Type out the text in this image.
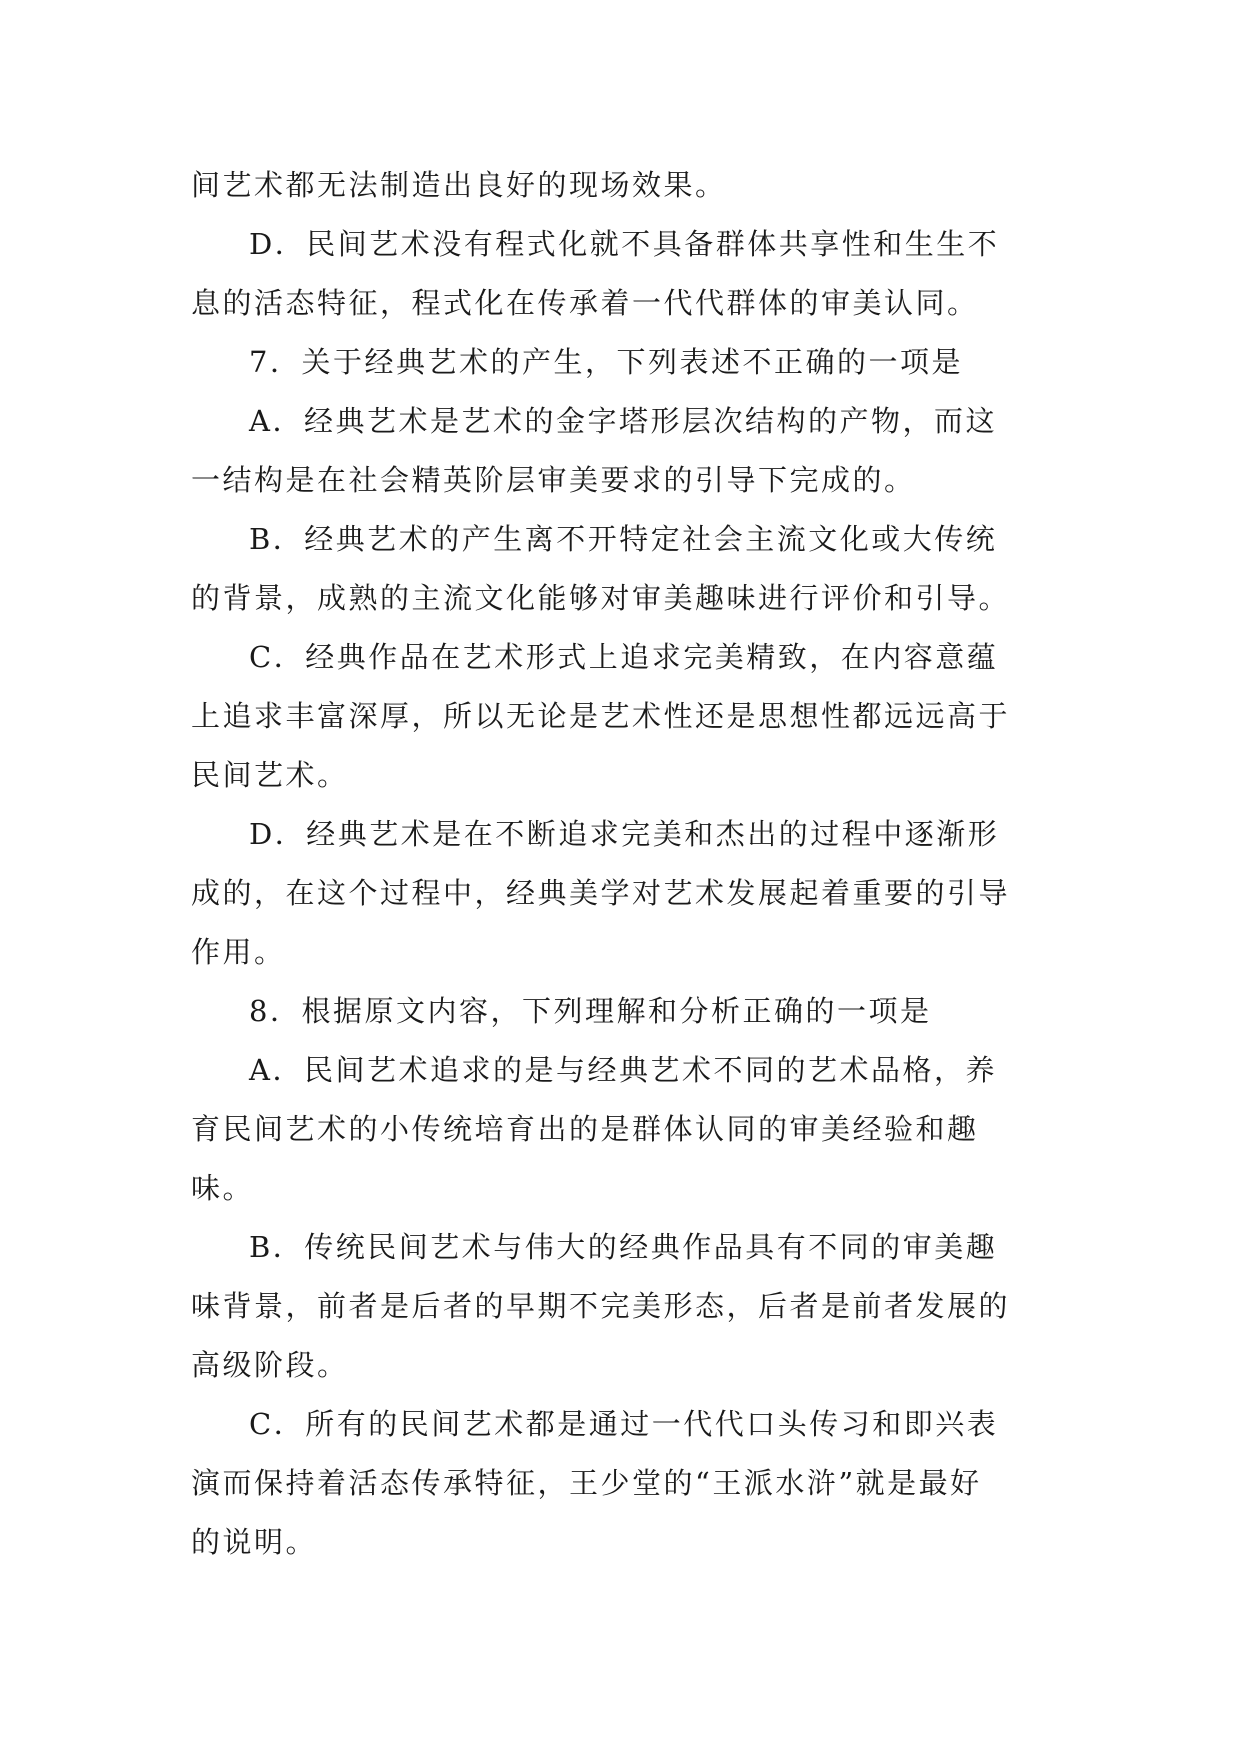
间艺术都无法制造出良好的现场效果。
D．民间艺术没有程式化就不具备群体共享性和生生不
息的活态特征，程式化在传承着一代代群体的审美认同。
7．关于经典艺术的产生，下列表述不正确的一项是
A．经典艺术是艺术的金字塔形层次结构的产物，而这
一结构是在社会精英阶层审美要求的引导下完成的。
B．经典艺术的产生离不开特定社会主流文化或大传统
的背景，成熟的主流文化能够对审美趣味进行评价和引导。
C．经典作品在艺术形式上追求完美精致，在内容意蕴
上追求丰富深厚，所以无论是艺术性还是思想性都远远高于
民间艺术。
D．经典艺术是在不断追求完美和杰出的过程中逐渐形
成的，在这个过程中，经典美学对艺术发展起着重要的引导
作用。
8．根据原文内容，下列理解和分析正确的一项是
A．民间艺术追求的是与经典艺术不同的艺术品格，养
育民间艺术的小传统培育出的是群体认同的审美经验和趣
味。
B．传统民间艺术与伟大的经典作品具有不同的审美趣
味背景，前者是后者的早期不完美形态，后者是前者发展的
高级阶段。
C．所有的民间艺术都是通过一代代口头传习和即兴表
演而保持着活态传承特征，王少堂的“王派水浒”就是最好
的说明。
